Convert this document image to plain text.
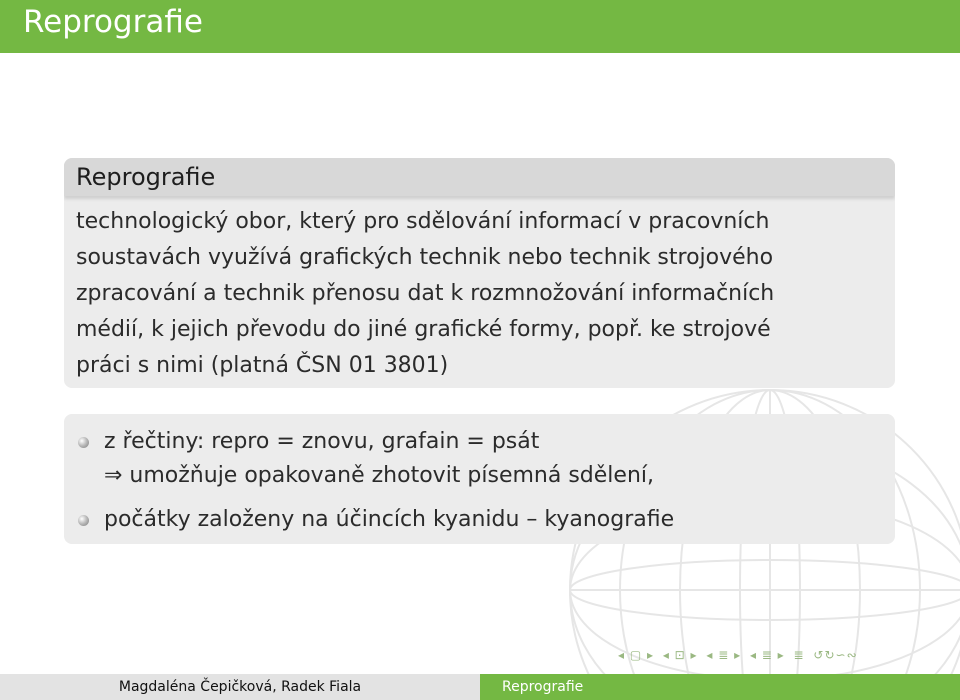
Reprografie
Reprografie
technologický obor, který pro sdělování informací v pracovních
soustavách využívá grafických technik nebo technik strojového
zpracování a technik přenosu dat k rozmnožování informačních
médií, k jejich převodu do jiné grafické formy, popř. ke strojové
práci s nimi (platná ČSN 01 3801)
z řečtiny: repro = znovu, grafain = psát
⇒ umožňuje opakovaně zhotovit písemná sdělení,
počátky založeny na účincích kyanidu – kyanografie
◂ ▢ ▸ ◂ ⊡ ▸ ◂ ≣ ▸ ◂ ≣ ▸ ≣ ↺↻∽∾
Magdaléna Čepičková, Radek Fiala	Reprografie
